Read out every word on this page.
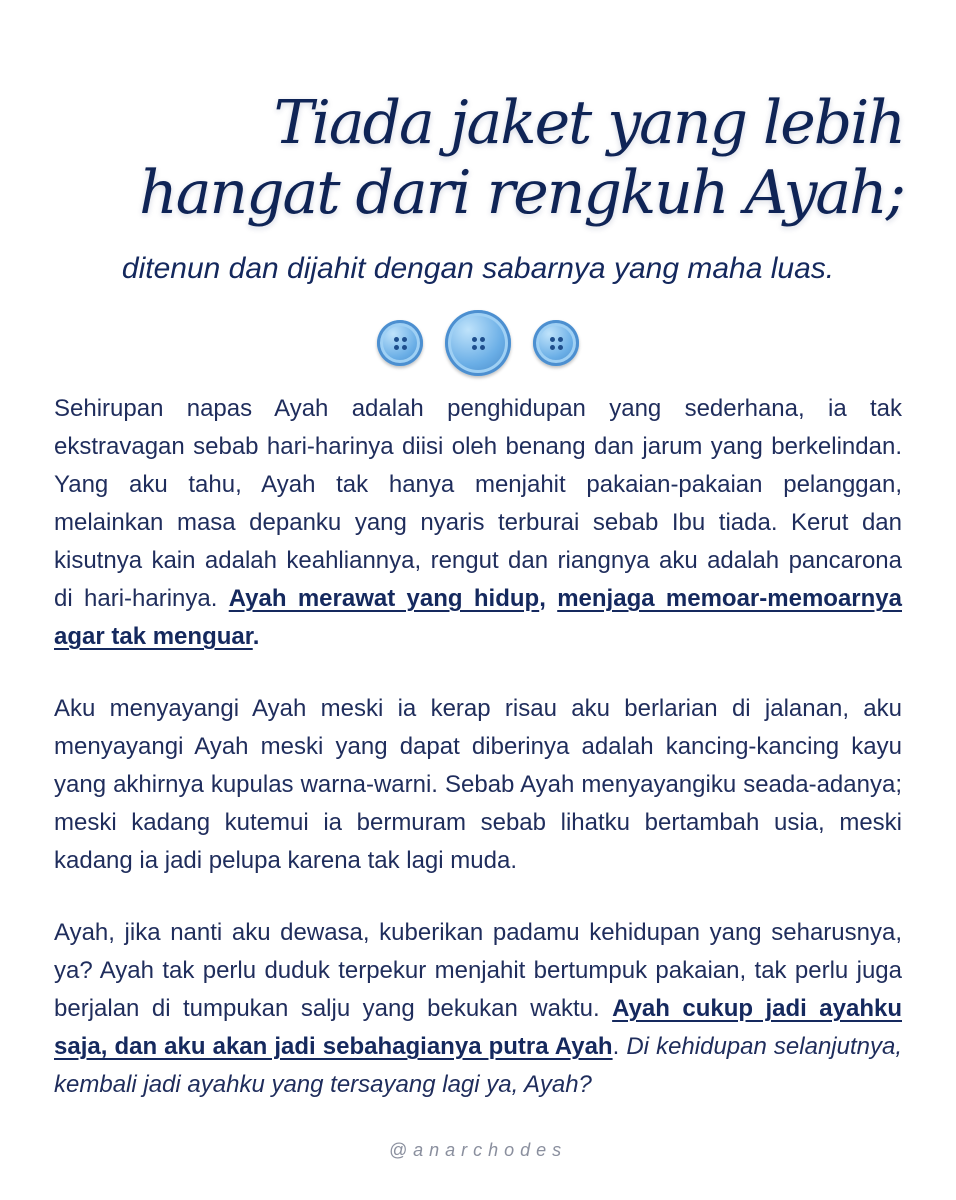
Tiada jaket yang lebih
hangat dari rengkuh Ayah;

ditenun dan dijahit dengan sabarnya yang maha luas.

Sehirupan napas Ayah adalah penghidupan yang sederhana, ia tak ekstravagan sebab hari-harinya diisi oleh benang dan jarum yang berkelindan. Yang aku tahu, Ayah tak hanya menjahit pakaian-pakaian pelanggan, melainkan masa depanku yang nyaris terburai sebab Ibu tiada. Kerut dan kisutnya kain adalah keahliannya, rengut dan riangnya aku adalah pancarona di hari-harinya. Ayah merawat yang hidup, menjaga memoar-memoarnya agar tak menguar.

Aku menyayangi Ayah meski ia kerap risau aku berlarian di jalanan, aku menyayangi Ayah meski yang dapat diberinya adalah kancing-kancing kayu yang akhirnya kupulas warna-warni. Sebab Ayah menyayangiku seada-adanya; meski kadang kutemui ia bermuram sebab lihatku bertambah usia, meski kadang ia jadi pelupa karena tak lagi muda.

Ayah, jika nanti aku dewasa, kuberikan padamu kehidupan yang seharusnya, ya? Ayah tak perlu duduk terpekur menjahit bertumpuk pakaian, tak perlu juga berjalan di tumpukan salju yang bekukan waktu. Ayah cukup jadi ayahku saja, dan aku akan jadi sebahagianya putra Ayah. Di kehidupan selanjutnya, kembali jadi ayahku yang tersayang lagi ya, Ayah?

@anarchodes
